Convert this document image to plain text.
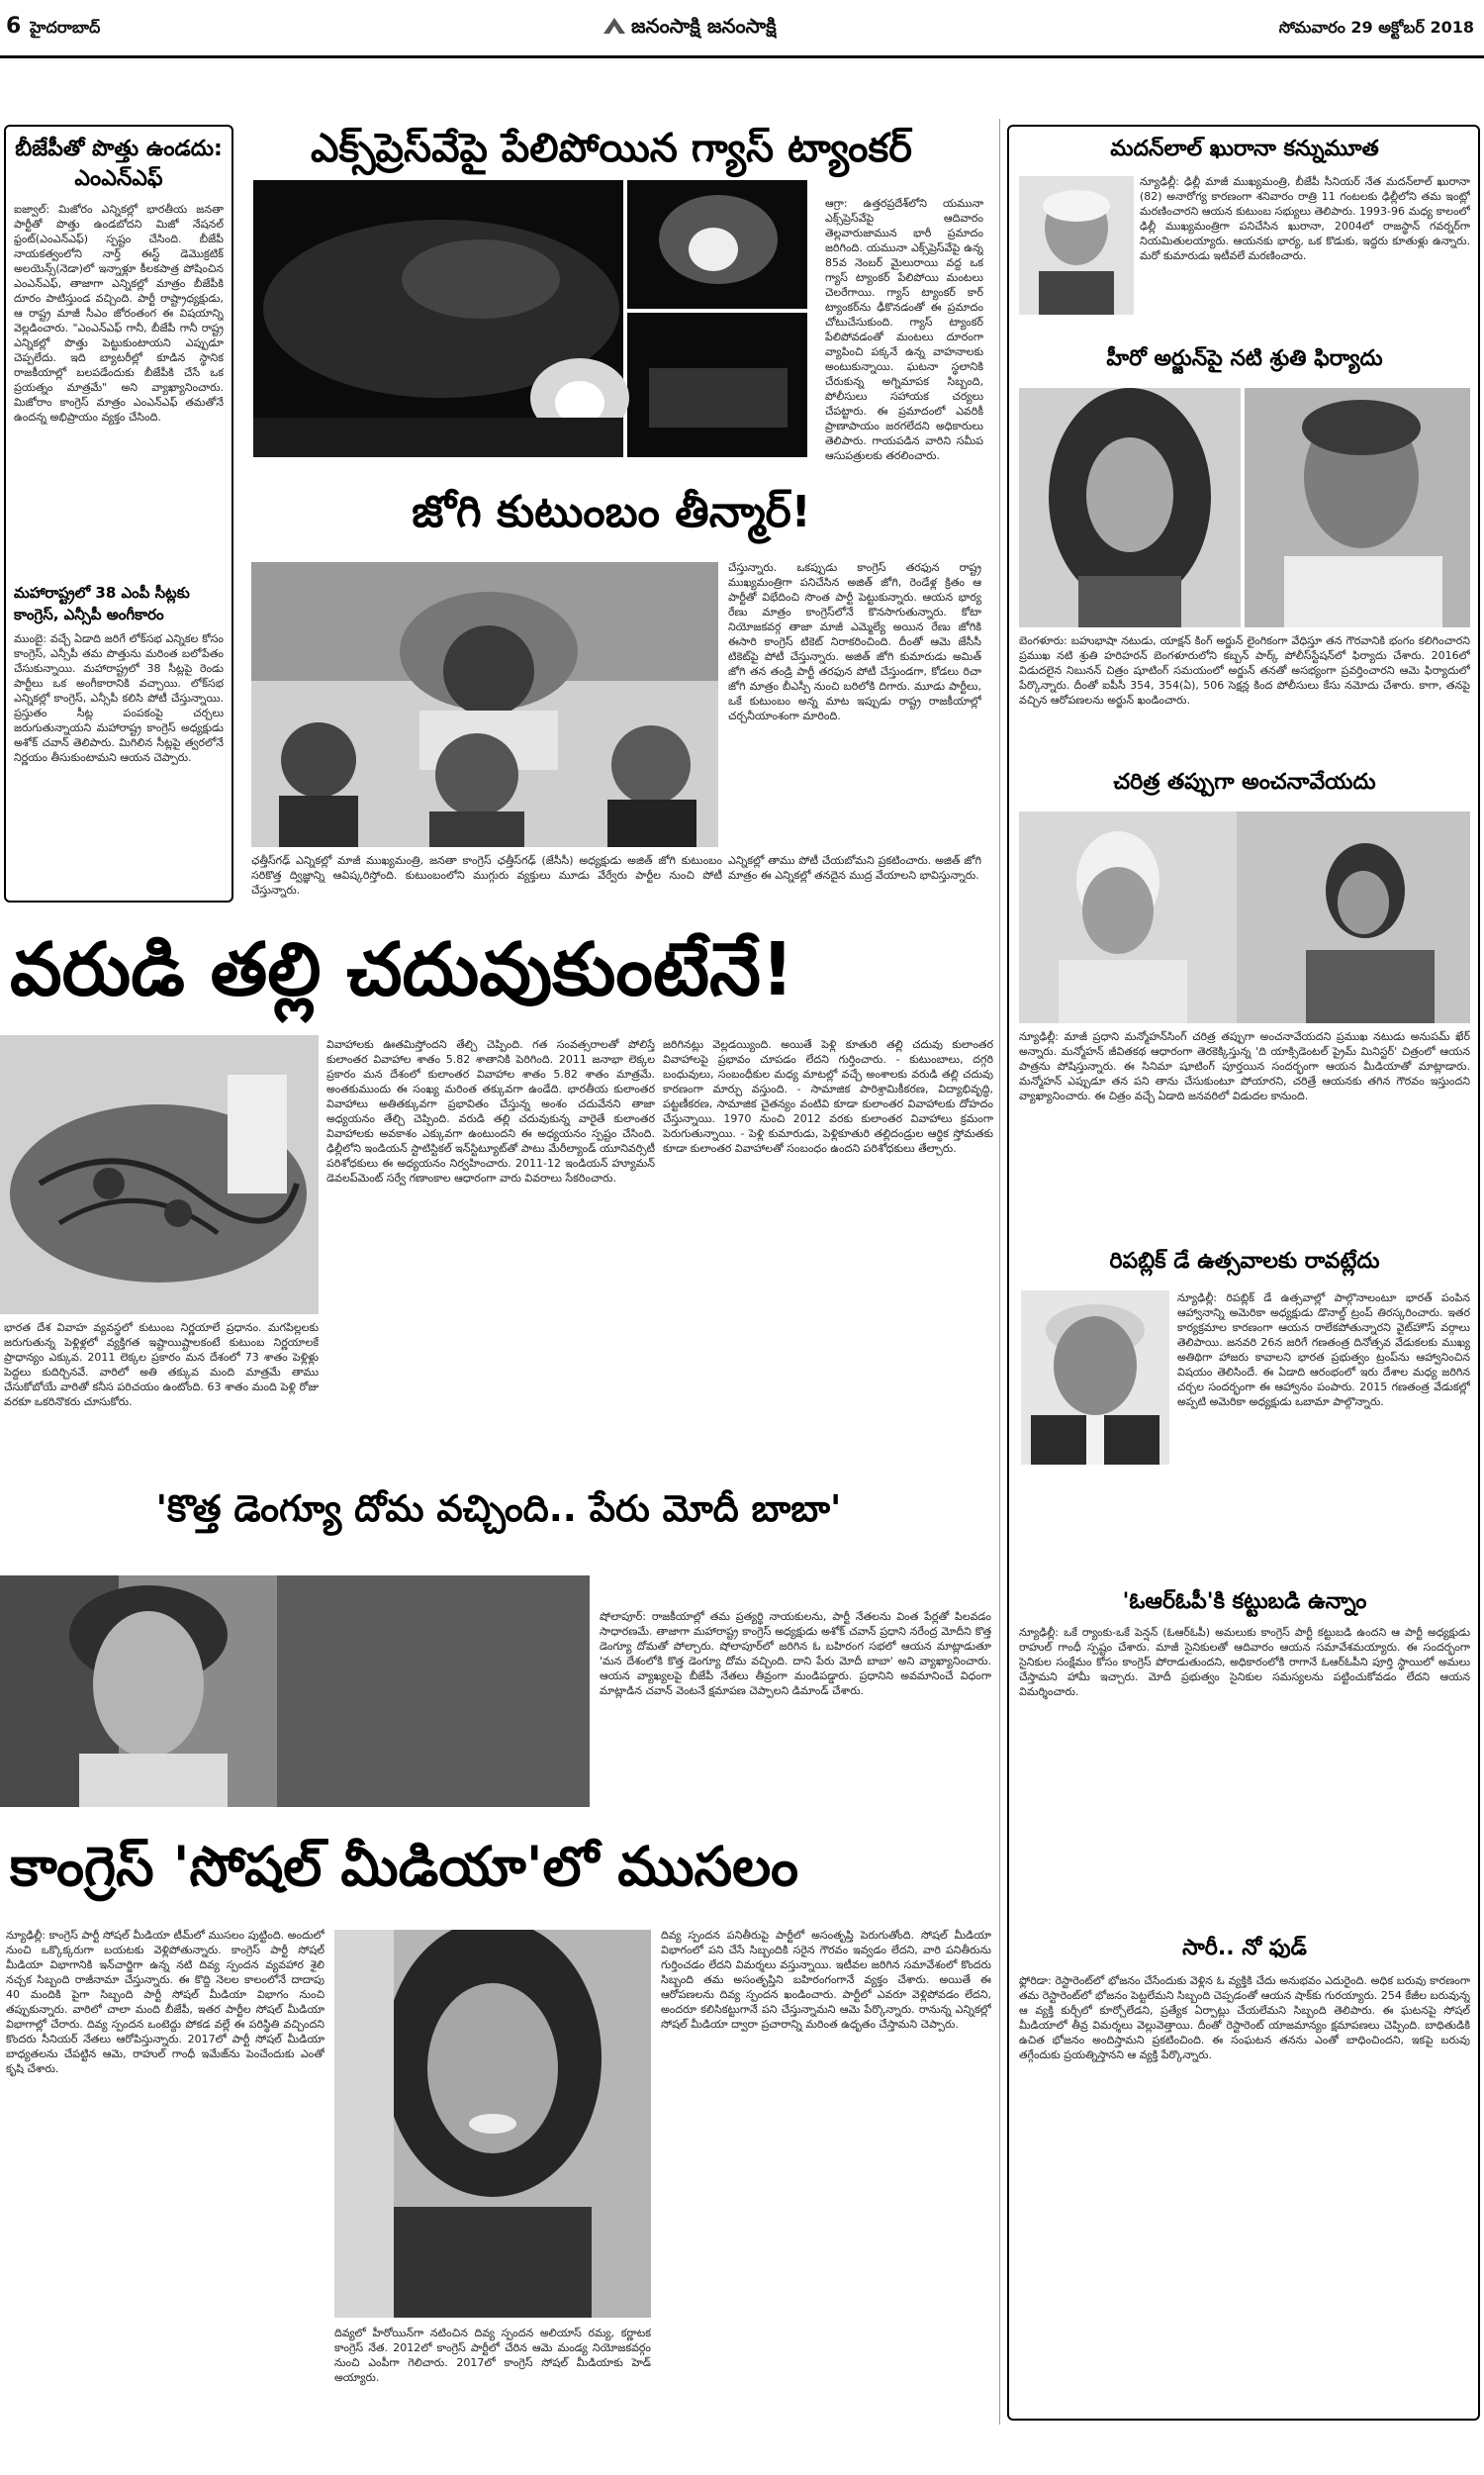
6 హైదరాబాద్	జనంసాక్షి జనంసాక్షి	సోమవారం 29 అక్టోబర్ 2018
బీజేపీతో పొత్తు ఉండదు: ఎంఎన్ఎఫ్
ఐజ్వాల్: మిజోరం ఎన్నికల్లో భారతీయ జనతా పార్టీతో పొత్తు ఉండబోదని మిజో నేషనల్ ఫ్రంట్(ఎంఎన్ఎఫ్) స్పష్టం చేసింది. బీజేపీ నాయకత్వంలోని నార్త్ ఈస్ట్ డెమొక్రటిక్ అలయెన్స్(నెడా)లో ఇన్నాళ్లూ కీలకపాత్ర పోషించిన ఎంఎన్ఎఫ్, తాజాగా ఎన్నికల్లో మాత్రం బీజేపీకి దూరం పాటిస్తుండ వచ్చింది. పార్టీ రాష్ట్రాధ్యక్షుడు, ఆ రాష్ట్ర మాజీ సీఎం జోరంతంగ ఈ విషయాన్ని వెల్లడించారు. "ఎంఎన్ఎఫ్ గానీ, బీజేపీ గానీ రాష్ట్ర ఎన్నికల్లో పొత్తు పెట్టుకుంటాయని ఎప్పుడూ చెప్పలేదు. ఇది బ్యాటరీల్లో కూడిన స్థానిక రాజకీయాల్లో బలపడేందుకు బీజేపీకి చేసే ఒక ప్రయత్నం మాత్రమే" అని వ్యాఖ్యానించారు. మిజోరాం కాంగ్రెస్ మాత్రం ఎంఎన్ఎఫ్ తమతోనే ఉందన్న అభిప్రాయం వ్యక్తం చేసింది.
మహారాష్ట్రలో 38 ఎంపీ సీట్లకు కాంగ్రెస్, ఎన్సీపీ అంగీకారం
ముంబై: వచ్చే ఏడాది జరిగే లోక్‌సభ ఎన్నికల కోసం కాంగ్రెస్, ఎన్సీపీ తమ పొత్తును మరింత బలోపేతం చేసుకున్నాయి. మహారాష్ట్రలో 38 సీట్లపై రెండు పార్టీలు ఒక అంగీకారానికి వచ్చాయి. లోక్‌సభ ఎన్నికల్లో కాంగ్రెస్, ఎన్సీపీ కలిసి పోటీ చేస్తున్నాయి. ప్రస్తుతం సీట్ల పంపకంపై చర్చలు జరుగుతున్నాయని మహారాష్ట్ర కాంగ్రెస్ అధ్యక్షుడు అశోక్ చవాన్ తెలిపారు. మిగిలిన సీట్లపై త్వరలోనే నిర్ణయం తీసుకుంటామని ఆయన చెప్పారు.
ఎక్స్‌ప్రెస్‌వేపై పేలిపోయిన గ్యాస్ ట్యాంకర్
ఆగ్రా: ఉత్తరప్రదేశ్‌లోని యమునా ఎక్స్‌ప్రెస్‌వేపై ఆదివారం తెల్లవారుజామున భారీ ప్రమాదం జరిగింది. యమునా ఎక్స్‌ప్రెస్‌వేపై ఉన్న 85వ నెంబర్ మైలురాయి వద్ద ఒక గ్యాస్ ట్యాంకర్ పేలిపోయి మంటలు చెలరేగాయి. గ్యాస్ ట్యాంకర్ కార్ ట్యాంకర్‌ను ఢీకొనడంతో ఈ ప్రమాదం చోటుచేసుకుంది. గ్యాస్ ట్యాంకర్ పేలిపోవడంతో మంటలు దూరంగా వ్యాపించి పక్కనే ఉన్న వాహనాలకు అంటుకున్నాయి. ఘటనా స్థలానికి చేరుకున్న అగ్నిమాపక సిబ్బంది, పోలీసులు సహాయక చర్యలు చేపట్టారు. ఈ ప్రమాదంలో ఎవరికీ ప్రాణాపాయం జరగలేదని అధికారులు తెలిపారు. గాయపడిన వారిని సమీప ఆసుపత్రులకు తరలించారు.
జోగి కుటుంబం తీన్మార్!
చేస్తున్నారు. ఒకప్పుడు కాంగ్రెస్ తరఫున రాష్ట్ర ముఖ్యమంత్రిగా పనిచేసిన అజిత్ జోగి, రెండేళ్ల క్రితం ఆ పార్టీతో విభేదించి సొంత పార్టీ పెట్టుకున్నారు. ఆయన భార్య రేణు మాత్రం కాంగ్రెస్‌లోనే కొనసాగుతున్నారు. కోటా నియోజకవర్గ తాజా మాజీ ఎమ్మెల్యే అయిన రేణు జోగికి ఈసారి కాంగ్రెస్ టికెట్ నిరాకరించింది. దీంతో ఆమె జేసీసీ టికెట్‌పై పోటీ చేస్తున్నారు. అజిత్ జోగి కుమారుడు అమిత్ జోగి తన తండ్రి పార్టీ తరఫున పోటీ చేస్తుండగా, కోడలు రిచా జోగి మాత్రం బీఎస్పీ నుంచి బరిలోకి దిగారు. మూడు పార్టీలు, ఒకే కుటుంబం అన్న మాట ఇప్పుడు రాష్ట్ర రాజకీయాల్లో చర్చనీయాంశంగా మారింది.
ఛత్తీస్‌గఢ్ ఎన్నికల్లో మాజీ ముఖ్యమంత్రి, జనతా కాంగ్రెస్ ఛత్తీస్‌గఢ్ (జేసీసీ) అధ్యక్షుడు అజిత్ జోగి కుటుంబం సరికొత్త ద్విజ్ఞాన్ని ఆవిష్కరిస్తోంది. కుటుంబంలోని ముగ్గురు వ్యక్తులు మూడు వేర్వేరు పార్టీల నుంచి పోటీ చేస్తున్నారు.
ఎన్నికల్లో తాము పోటీ చేయబోమని ప్రకటించారు. అజిత్ జోగి మాత్రం ఈ ఎన్నికల్లో తనదైన ముద్ర వేయాలని భావిస్తున్నారు.
మదన్‌లాల్ ఖురానా కన్నుమూత
న్యూఢిల్లీ: ఢిల్లీ మాజీ ముఖ్యమంత్రి, బీజేపీ సీనియర్ నేత మదన్‌లాల్ ఖురానా (82) అనారోగ్య కారణంగా శనివారం రాత్రి 11 గంటలకు ఢిల్లీలోని తమ ఇంట్లో మరణించారని ఆయన కుటుంబ సభ్యులు తెలిపారు. 1993-96 మధ్య కాలంలో ఢిల్లీ ముఖ్యమంత్రిగా పనిచేసిన ఖురానా, 2004లో రాజస్థాన్ గవర్నర్‌గా నియమితులయ్యారు. ఆయనకు భార్య, ఒక కొడుకు, ఇద్దరు కూతుళ్లు ఉన్నారు. మరో కుమారుడు ఇటీవలే మరణించారు.
హీరో అర్జున్‌పై నటి శ్రుతి ఫిర్యాదు
బెంగళూరు: బహుభాషా నటుడు, యాక్షన్ కింగ్ అర్జున్ లైంగికంగా వేధిస్తూ తన గౌరవానికి భంగం కలిగించారని ప్రముఖ నటి శ్రుతి హరిహరన్ బెంగళూరులోని కబ్బన్ పార్క్ పోలీస్‌స్టేషన్‌లో ఫిర్యాదు చేశారు. 2016లో విడుదలైన నిబునన్ చిత్రం షూటింగ్ సమయంలో అర్జున్ తనతో అసభ్యంగా ప్రవర్తించారని ఆమె ఫిర్యాదులో పేర్కొన్నారు. దీంతో ఐపీసీ 354, 354(ఏ), 506 సెక్షన్ల కింద పోలీసులు కేసు నమోదు చేశారు. కాగా, తనపై వచ్చిన ఆరోపణలను అర్జున్ ఖండించారు.
చరిత్ర తప్పుగా అంచనావేయదు
న్యూఢిల్లీ: మాజీ ప్రధాని మన్మోహన్‌సింగ్ చరిత్ర తప్పుగా అంచనావేయదని ప్రముఖ నటుడు అనుపమ్ ఖేర్ అన్నారు. మన్మోహన్ జీవితకథ ఆధారంగా తెరకెక్కిస్తున్న 'ది యాక్సిడెంటల్ ప్రైమ్ మినిస్టర్' చిత్రంలో ఆయన పాత్రను పోషిస్తున్నారు. ఈ సినిమా షూటింగ్ పూర్తయిన సందర్భంగా ఆయన మీడియాతో మాట్లాడారు. మన్మోహన్ ఎప్పుడూ తన పని తాను చేసుకుంటూ పోయారని, చరిత్రే ఆయనకు తగిన గౌరవం ఇస్తుందని వ్యాఖ్యానించారు. ఈ చిత్రం వచ్చే ఏడాది జనవరిలో విడుదల కానుంది.
రిపబ్లిక్ డే ఉత్సవాలకు రావట్లేదు
న్యూఢిల్లీ: రిపబ్లిక్ డే ఉత్సవాల్లో పాల్గొనాలంటూ భారత్ పంపిన ఆహ్వానాన్ని అమెరికా అధ్యక్షుడు డొనాల్డ్ ట్రంప్ తిరస్కరించారు. ఇతర కార్యక్రమాల కారణంగా ఆయన రాలేకపోతున్నారని వైట్‌హౌస్ వర్గాలు తెలిపాయి. జనవరి 26న జరిగే గణతంత్ర దినోత్సవ వేడుకలకు ముఖ్య అతిథిగా హాజరు కావాలని భారత ప్రభుత్వం ట్రంప్‌ను ఆహ్వానించిన విషయం తెలిసిందే. ఈ ఏడాది ఆరంభంలో ఇరు దేశాల మధ్య జరిగిన చర్చల సందర్భంగా ఈ ఆహ్వానం పంపారు. 2015 గణతంత్ర వేడుకల్లో అప్పటి అమెరికా అధ్యక్షుడు ఒబామా పాల్గొన్నారు.
'ఓఆర్ఓపీ'కి కట్టుబడి ఉన్నాం
న్యూఢిల్లీ: ఒకే ర్యాంకు-ఒకే పెన్షన్ (ఓఆర్ఓపీ) అమలుకు కాంగ్రెస్ పార్టీ కట్టుబడి ఉందని ఆ పార్టీ అధ్యక్షుడు రాహుల్ గాంధీ స్పష్టం చేశారు. మాజీ సైనికులతో ఆదివారం ఆయన సమావేశమయ్యారు. ఈ సందర్భంగా సైనికుల సంక్షేమం కోసం కాంగ్రెస్ పోరాడుతుందని, అధికారంలోకి రాగానే ఓఆర్ఓపీని పూర్తి స్థాయిలో అమలు చేస్తామని హామీ ఇచ్చారు. మోదీ ప్రభుత్వం సైనికుల సమస్యలను పట్టించుకోవడం లేదని ఆయన విమర్శించారు.
సారీ.. నో ఫుడ్
ఫ్లోరిడా: రెస్టారెంట్‌లో భోజనం చేసేందుకు వెళ్లిన ఓ వ్యక్తికి చేదు అనుభవం ఎదురైంది. అధిక బరువు కారణంగా తమ రెస్టారెంట్‌లో భోజనం పెట్టలేమని సిబ్బంది చెప్పడంతో ఆయన షాక్‌కు గురయ్యారు. 254 కేజీల బరువున్న ఆ వ్యక్తి కుర్చీలో కూర్చోలేడని, ప్రత్యేక ఏర్పాట్లు చేయలేమని సిబ్బంది తెలిపారు. ఈ ఘటనపై సోషల్ మీడియాలో తీవ్ర విమర్శలు వెల్లువెత్తాయి. దీంతో రెస్టారెంట్ యాజమాన్యం క్షమాపణలు చెప్పింది. బాధితుడికి ఉచిత భోజనం అందిస్తామని ప్రకటించింది. ఈ సంఘటన తనను ఎంతో బాధించిందని, ఇకపై బరువు తగ్గేందుకు ప్రయత్నిస్తానని ఆ వ్యక్తి పేర్కొన్నారు.
వరుడి తల్లి చదువుకుంటేనే!
భారత దేశ వివాహ వ్యవస్థలో కుటుంబ నిర్ణయాలే ప్రధానం. మగపిల్లలకు జరుగుతున్న పెళ్లిళ్లలో వ్యక్తిగత ఇష్టాయిష్టాలకంటే కుటుంబ నిర్ణయాలకే ప్రాధాన్యం ఎక్కువ. 2011 లెక్కల ప్రకారం మన దేశంలో 73 శాతం పెళ్లిళ్లు పెద్దలు కుదిర్చినవే. వారిలో అతి తక్కువ మంది మాత్రమే తాము చేసుకోబోయే వారితో కనీస పరిచయం ఉంటోంది. 63 శాతం మంది పెళ్లి రోజు వరకూ ఒకరినొకరు చూసుకోరు.
వివాహాలకు ఊతమిస్తోందని తేల్చి చెప్పింది. గత సంవత్సరాలతో పోలిస్తే కులాంతర వివాహాల శాతం 5.82 శాతానికి పెరిగింది. 2011 జనాభా లెక్కల ప్రకారం మన దేశంలో కులాంతర వివాహాల శాతం 5.82 శాతం మాత్రమే. అంతకుముందు ఈ సంఖ్య మరింత తక్కువగా ఉండేది. భారతీయ కులాంతర వివాహాలు అతితక్కువగా ప్రభావితం చేస్తున్న అంశం చదువేనని తాజా అధ్యయనం తేల్చి చెప్పింది. వరుడి తల్లి చదువుకున్న వారైతే కులాంతర వివాహాలకు అవకాశం ఎక్కువగా ఉంటుందని ఈ అధ్యయనం స్పష్టం చేసింది. ఢిల్లీలోని ఇండియన్ స్టాటిస్టికల్ ఇన్‌స్టిట్యూట్‌తో పాటు మేరీల్యాండ్ యూనివర్సిటీ పరిశోధకులు ఈ అధ్యయనం నిర్వహించారు. 2011-12 ఇండియన్ హ్యూమన్ డెవలప్‌మెంట్ సర్వే గణాంకాల ఆధారంగా వారు వివరాలు సేకరించారు.
జరిగినట్లు వెల్లడయ్యింది. అయితే పెళ్లి కూతురి తల్లి చదువు కులాంతర వివాహాలపై ప్రభావం చూపడం లేదని గుర్తించారు. - కుటుంబాలు, దగ్గరి బంధువులు, సంబంధీకుల మధ్య మాటల్లో వచ్చే అంశాలకు వరుడి తల్లి చదువు కారణంగా మార్పు వస్తుంది. - సామాజిక పారిశ్రామికీకరణ, విద్యాభివృద్ధి, పట్టణీకరణ, సామాజిక చైతన్యం వంటివి కూడా కులాంతర వివాహాలకు దోహదం చేస్తున్నాయి. 1970 నుంచి 2012 వరకు కులాంతర వివాహాలు క్రమంగా పెరుగుతున్నాయి. - పెళ్లి కుమారుడు, పెళ్లికూతురి తల్లిదండ్రుల ఆర్థిక స్తోమతకు కూడా కులాంతర వివాహాలతో సంబంధం ఉందని పరిశోధకులు తేల్చారు.
'కొత్త డెంగ్యూ దోమ వచ్చింది.. పేరు మోదీ బాబా'
షోలాపూర్: రాజకీయాల్లో తమ ప్రత్యర్థి నాయకులను, పార్టీ నేతలను వింత పేర్లతో పిలవడం సాధారణమే. తాజాగా మహారాష్ట్ర కాంగ్రెస్ అధ్యక్షుడు అశోక్ చవాన్ ప్రధాని నరేంద్ర మోదీని కొత్త డెంగ్యూ దోమతో పోల్చారు. షోలాపూర్‌లో జరిగిన ఓ బహిరంగ సభలో ఆయన మాట్లాడుతూ 'మన దేశంలోకి కొత్త డెంగ్యూ దోమ వచ్చింది. దాని పేరు మోదీ బాబా' అని వ్యాఖ్యానించారు. ఆయన వ్యాఖ్యలపై బీజేపీ నేతలు తీవ్రంగా మండిపడ్డారు. ప్రధానిని అవమానించే విధంగా మాట్లాడిన చవాన్ వెంటనే క్షమాపణ చెప్పాలని డిమాండ్ చేశారు.
కాంగ్రెస్ 'సోషల్ మీడియా'లో ముసలం
న్యూఢిల్లీ: కాంగ్రెస్ పార్టీ సోషల్ మీడియా టీమ్‌లో ముసలం పుట్టింది. అందులో నుంచి ఒక్కొక్కరుగా బయటకు వెళ్లిపోతున్నారు. కాంగ్రెస్ పార్టీ సోషల్ మీడియా విభాగానికి ఇన్‌చార్జిగా ఉన్న నటి దివ్య స్పందన వ్యవహార శైలి నచ్చక సిబ్బంది రాజీనామా చేస్తున్నారు. ఈ కొద్ది నెలల కాలంలోనే దాదాపు 40 మందికి పైగా సిబ్బంది పార్టీ సోషల్ మీడియా విభాగం నుంచి తప్పుకున్నారు. వారిలో చాలా మంది బీజేపీ, ఇతర పార్టీల సోషల్ మీడియా విభాగాల్లో చేరారు. దివ్య స్పందన ఒంటెద్దు పోకడ వల్లే ఈ పరిస్థితి వచ్చిందని కొందరు సీనియర్ నేతలు ఆరోపిస్తున్నారు. 2017లో పార్టీ సోషల్ మీడియా బాధ్యతలను చేపట్టిన ఆమె, రాహుల్ గాంధీ ఇమేజ్‌ను పెంచేందుకు ఎంతో కృషి చేశారు.
దివ్యలో హీరోయిన్‌గా నటించిన దివ్య స్పందన అలియాస్ రమ్య, కర్ణాటక కాంగ్రెస్ నేత. 2012లో కాంగ్రెస్ పార్టీలో చేరిన ఆమె మండ్య నియోజకవర్గం నుంచి ఎంపీగా గెలిచారు. 2017లో కాంగ్రెస్ సోషల్ మీడియాకు హెడ్ అయ్యారు.
దివ్య స్పందన పనితీరుపై పార్టీలో అసంతృప్తి పెరుగుతోంది. సోషల్ మీడియా విభాగంలో పని చేసే సిబ్బందికి సరైన గౌరవం ఇవ్వడం లేదని, వారి పనితీరును గుర్తించడం లేదని విమర్శలు వస్తున్నాయి. ఇటీవల జరిగిన సమావేశంలో కొందరు సిబ్బంది తమ అసంతృప్తిని బహిరంగంగానే వ్యక్తం చేశారు. అయితే ఈ ఆరోపణలను దివ్య స్పందన ఖండించారు. పార్టీలో ఎవరూ వెళ్లిపోవడం లేదని, అందరూ కలిసికట్టుగానే పని చేస్తున్నామని ఆమె పేర్కొన్నారు. రానున్న ఎన్నికల్లో సోషల్ మీడియా ద్వారా ప్రచారాన్ని మరింత ఉధృతం చేస్తామని చెప్పారు.
